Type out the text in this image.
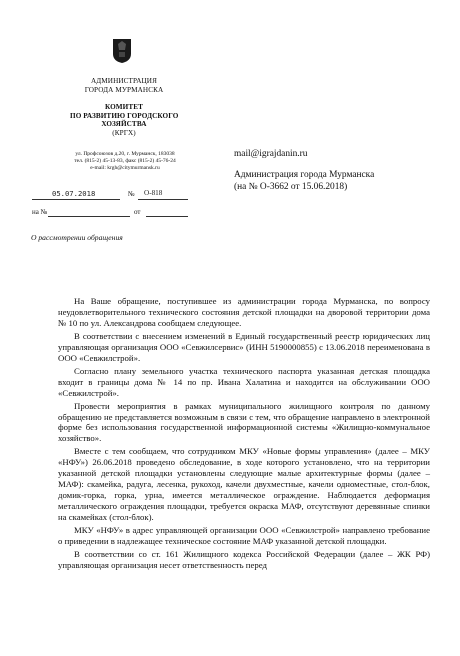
АДМИНИСТРАЦИЯ
ГОРОДА МУРМАНСКА
КОМИТЕТ
ПО РАЗВИТИЮ ГОРОДСКОГО
ХОЗЯЙСТВА
(КРГХ)
ул. Профсоюзов д.20, г. Мурманск, 183038
тел. (815-2) 45-13-83, факс (815-2) 45-76-24
e-mail: krgh@citymurmansk.ru
05.07.2018	№ О-818
на №	от
mail@igrajdanin.ru
Администрация города Мурманска
(на № О-3662 от 15.06.2018)
О рассмотрении обращения

На Ваше обращение, поступившее из администрации города Мурманска, по вопросу неудовлетворительного технического состояния детской площадки на дворовой территории дома № 10 по ул. Александрова сообщаем следующее.

В соответствии с внесением изменений в Единый государственный реестр юридических лиц управляющая организация ООО «Севжилсервис» (ИНН 5190000855) с 13.06.2018 переименована в ООО «Севжилстрой».

Согласно плану земельного участка технического паспорта указанная детская площадка входит в границы дома № 14 по пр. Ивана Халатина и находится на обслуживании ООО «Севжилстрой».

Провести мероприятия в рамках муниципального жилищного контроля по данному обращению не представляется возможным в связи с тем, что обращение направлено в электронной форме без использования государственной информационной системы «Жилищно-коммунальное хозяйство».

Вместе с тем сообщаем, что сотрудником МКУ «Новые формы управления» (далее – МКУ «НФУ») 26.06.2018 проведено обследование, в ходе которого установлено, что на территории указанной детской площадки установлены следующие малые архитектурные формы (далее – МАФ): скамейка, радуга, лесенка, рукоход, качели двухместные, качели одноместные, стол-блок, домик-горка, горка, урна, имеется металлическое ограждение. Наблюдается деформация металлического ограждения площадки, требуется окраска МАФ, отсутствуют деревянные спинки на скамейках (стол-блок).

МКУ «НФУ» в адрес управляющей организации ООО «Севжилстрой» направлено требование о приведении в надлежащее техническое состояние МАФ указанной детской площадки.

В соответствии со ст. 161 Жилищного кодекса Российской Федерации (далее – ЖК РФ) управляющая организация несет ответственность перед
